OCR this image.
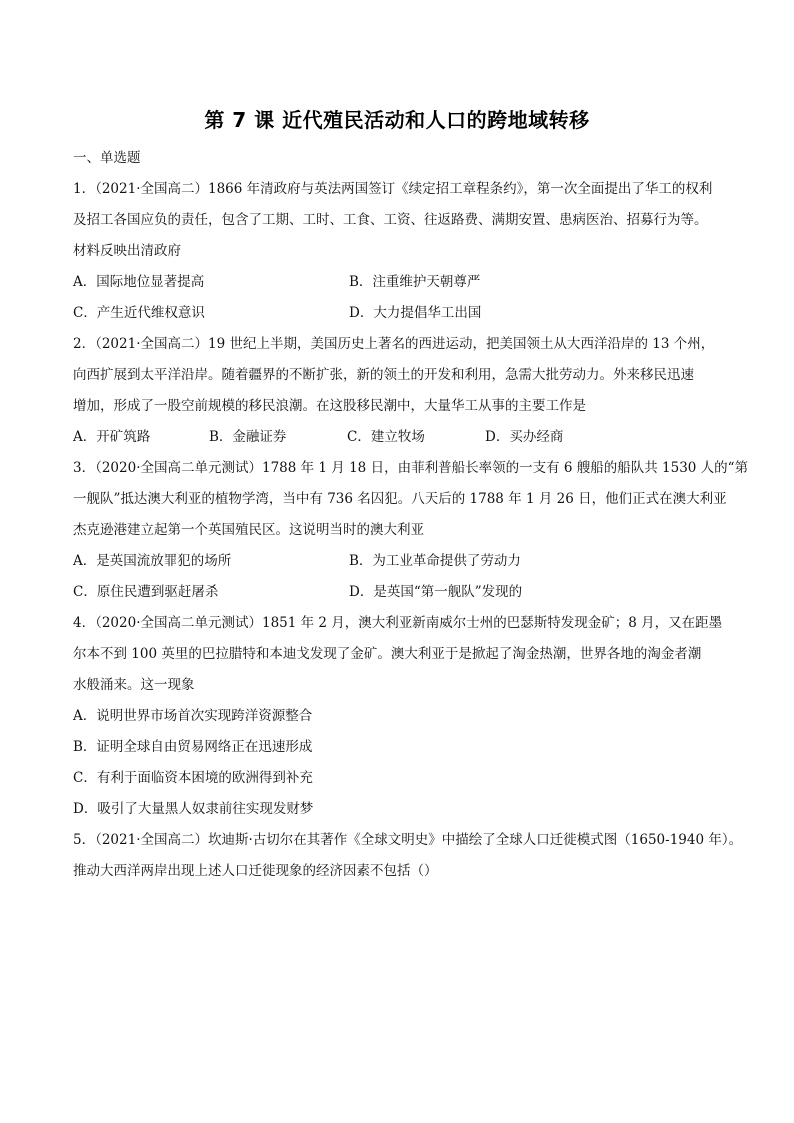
第 7 课 近代殖民活动和人口的跨地域转移

一、单选题

1．（2021·全国高二）1866 年清政府与英法两国签订《续定招工章程条约》，第一次全面提出了华工的权利

及招工各国应负的责任，包含了工期、工时、工食、工资、往返路费、满期安置、患病医治、招募行为等。

材料反映出清政府

A．国际地位显著提高	B．注重维护天朝尊严
C．产生近代维权意识	D．大力提倡华工出国

2．（2021·全国高二）19 世纪上半期，美国历史上著名的西进运动，把美国领土从大西洋沿岸的 13 个州，

向西扩展到太平洋沿岸。随着疆界的不断扩张，新的领土的开发和利用，急需大批劳动力。外来移民迅速

增加，形成了一股空前规模的移民浪潮。在这股移民潮中，大量华工从事的主要工作是

A．开矿筑路	B．金融证券	C．建立牧场	D．买办经商

3．（2020·全国高二单元测试）1788 年 1 月 18 日，由菲利普船长率领的一支有 6 艘船的船队共 1530 人的“第

一舰队”抵达澳大利亚的植物学湾，当中有 736 名囚犯。八天后的 1788 年 1 月 26 日，他们正式在澳大利亚

杰克逊港建立起第一个英国殖民区。这说明当时的澳大利亚

A．是英国流放罪犯的场所	B．为工业革命提供了劳动力
C．原住民遭到驱赶屠杀	D．是英国“第一舰队”发现的

4．（2020·全国高二单元测试）1851 年 2 月，澳大利亚新南威尔士州的巴瑟斯特发现金矿；8 月，又在距墨

尔本不到 100 英里的巴拉腊特和本迪戈发现了金矿。澳大利亚于是掀起了淘金热潮，世界各地的淘金者潮

水般涌来。这一现象

A．说明世界市场首次实现跨洋资源整合
B．证明全球自由贸易网络正在迅速形成
C．有利于面临资本困境的欧洲得到补充
D．吸引了大量黑人奴隶前往实现发财梦

5．（2021·全国高二）坎迪斯·古切尔在其著作《全球文明史》中描绘了全球人口迁徙模式图（1650-1940 年）。

推动大西洋两岸出现上述人口迁徙现象的经济因素不包括（）
